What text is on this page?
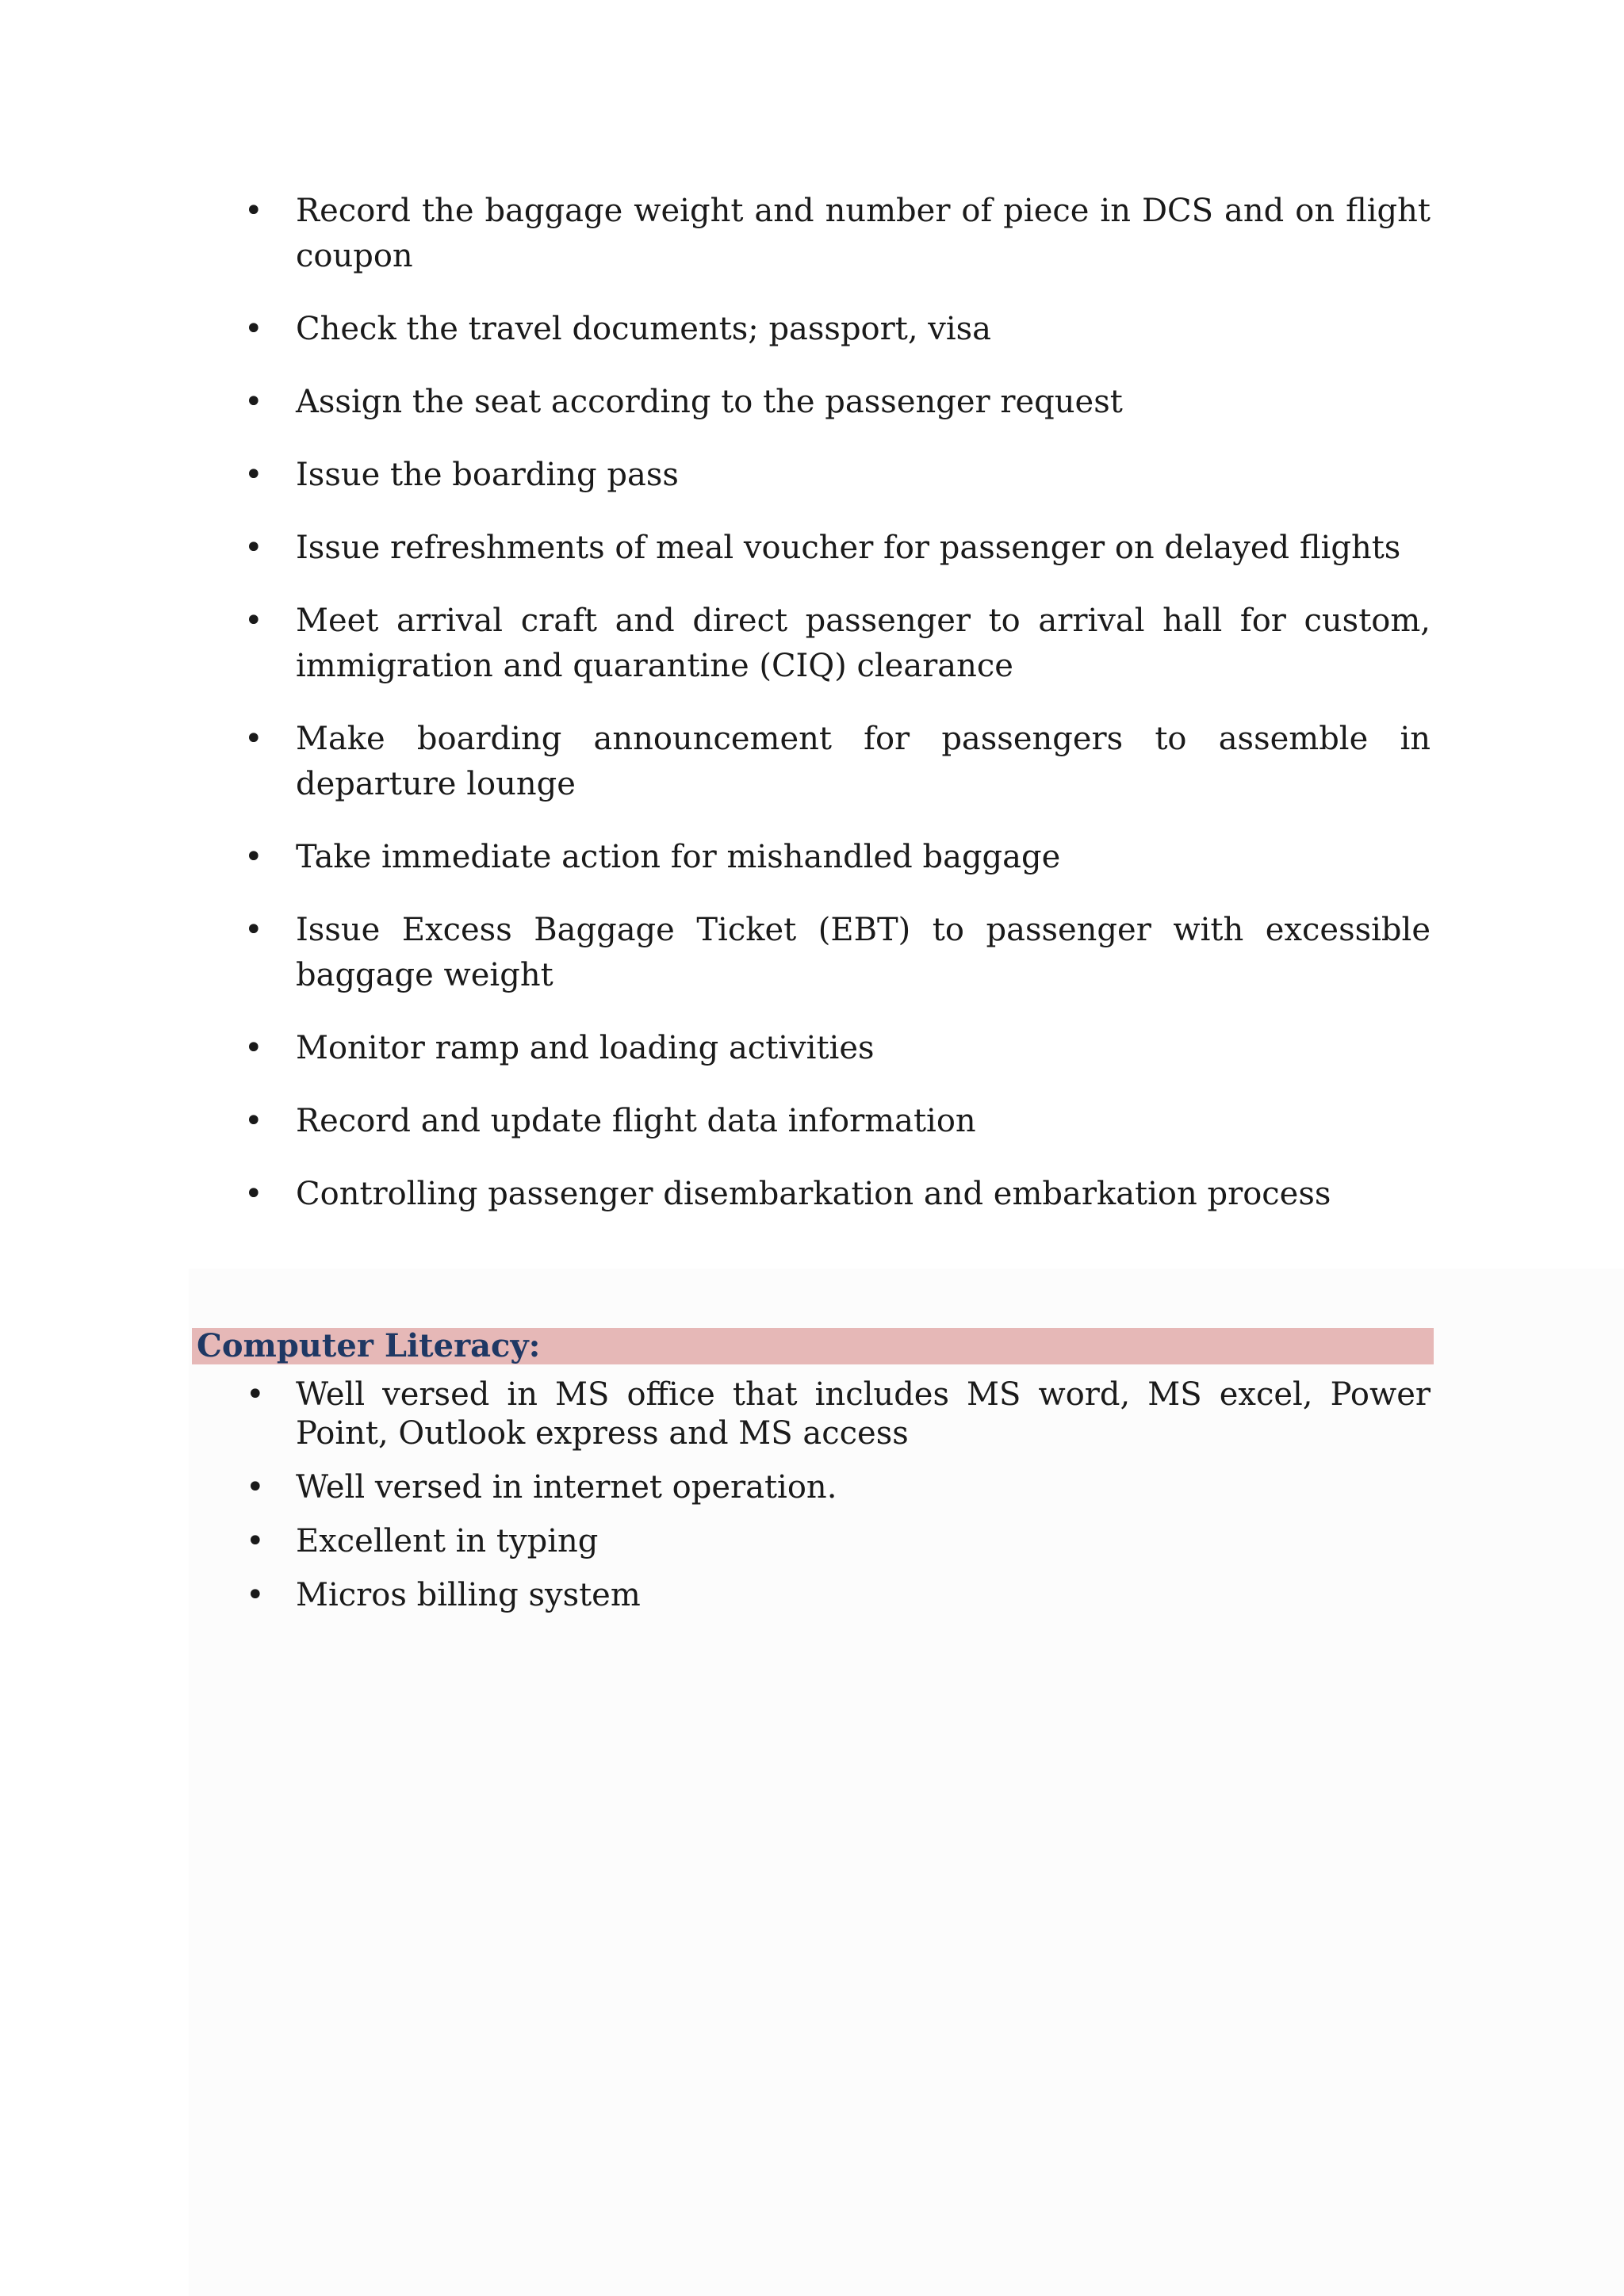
• Record the baggage weight and number of piece in DCS and on flight coupon
• Check the travel documents; passport, visa
• Assign the seat according to the passenger request
• Issue the boarding pass
• Issue refreshments of meal voucher for passenger on delayed flights
• Meet arrival craft and direct passenger to arrival hall for custom, immigration and quarantine (CIQ) clearance
• Make boarding announcement for passengers to assemble in departure lounge
• Take immediate action for mishandled baggage
• Issue Excess Baggage Ticket (EBT) to passenger with excessible baggage weight
• Monitor ramp and loading activities
• Record and update flight data information
• Controlling passenger disembarkation and embarkation process
Computer Literacy:
• Well versed in MS office that includes MS word, MS excel, Power Point, Outlook express and MS access
• Well versed in internet operation.
• Excellent in typing
• Micros billing system
